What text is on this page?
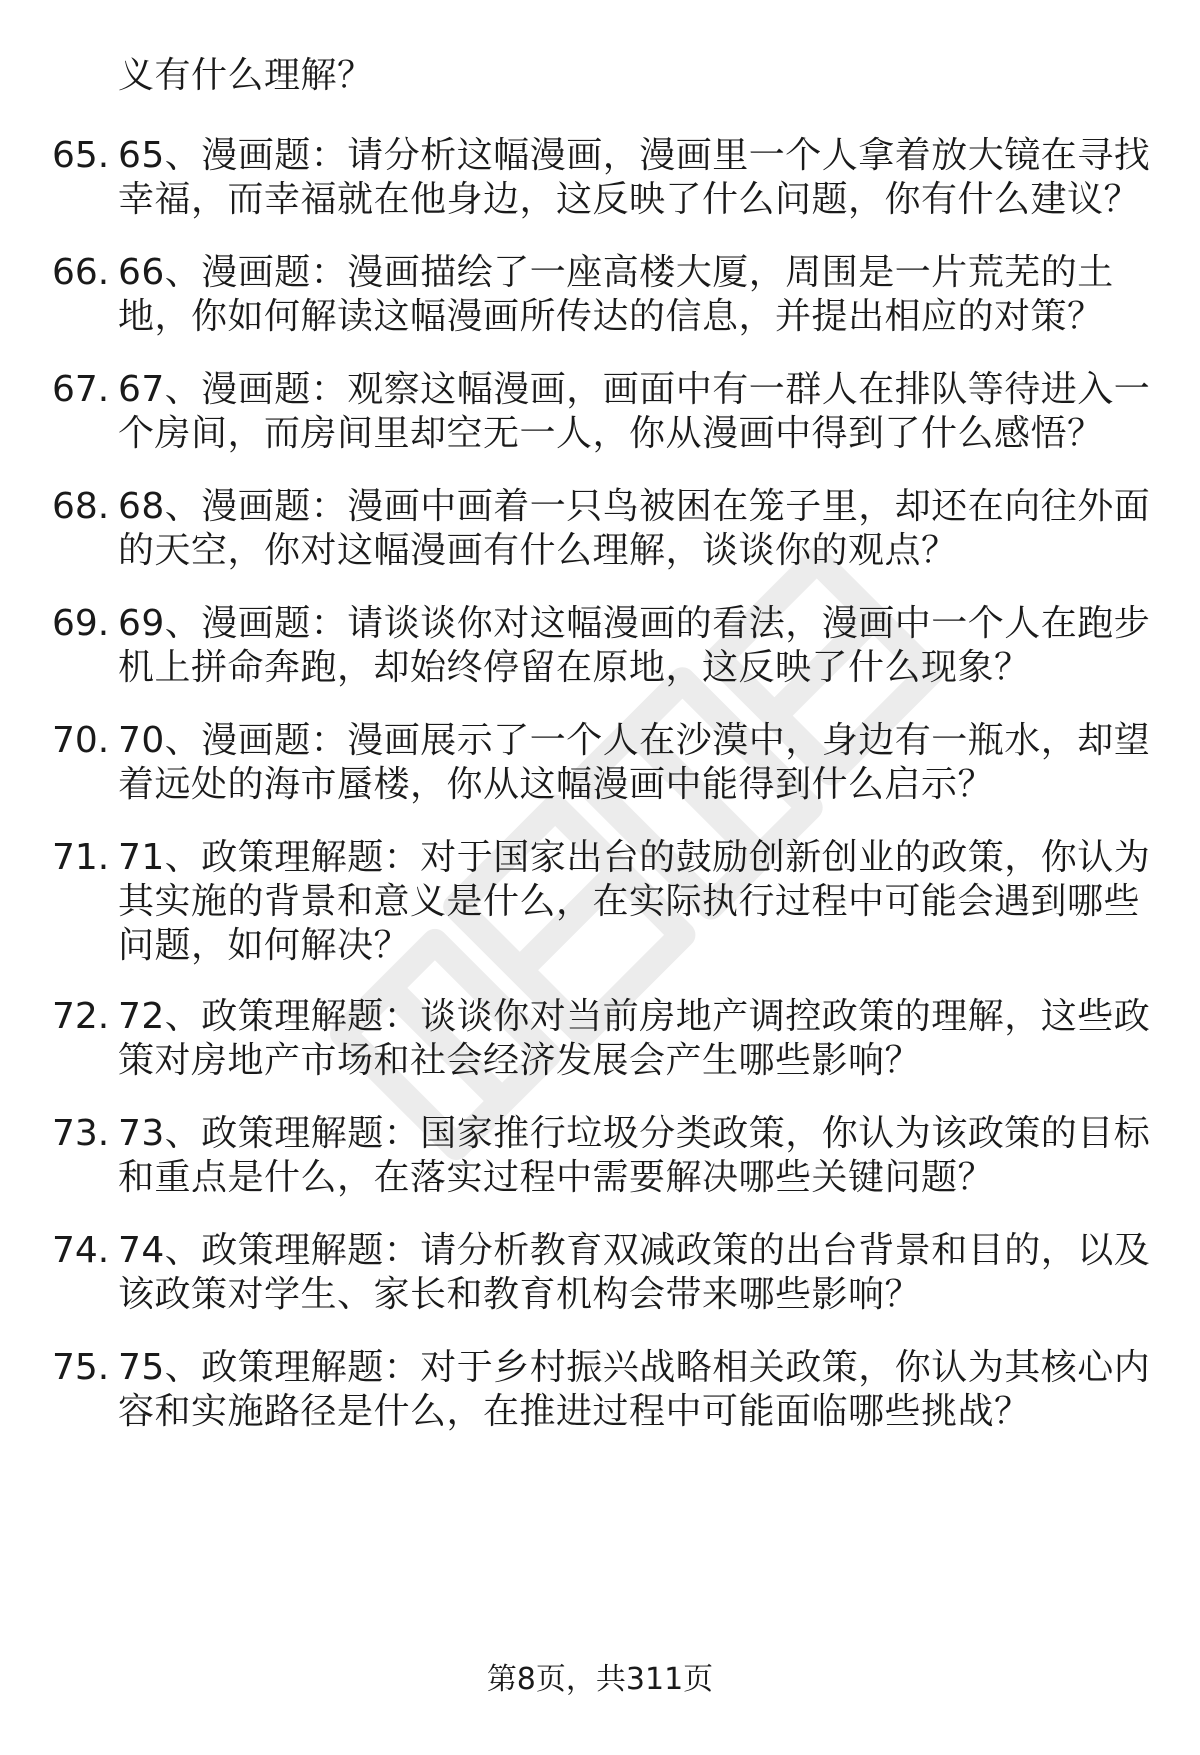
义有什么理解？
65. 65、漫画题：请分析这幅漫画，漫画里一个人拿着放大镜在寻找
幸福，而幸福就在他身边，这反映了什么问题，你有什么建议？
66. 66、漫画题：漫画描绘了一座高楼大厦，周围是一片荒芜的土
地，你如何解读这幅漫画所传达的信息，并提出相应的对策？
67. 67、漫画题：观察这幅漫画，画面中有一群人在排队等待进入一
个房间，而房间里却空无一人，你从漫画中得到了什么感悟？
68. 68、漫画题：漫画中画着一只鸟被困在笼子里，却还在向往外面
的天空，你对这幅漫画有什么理解，谈谈你的观点？
69. 69、漫画题：请谈谈你对这幅漫画的看法，漫画中一个人在跑步
机上拼命奔跑，却始终停留在原地，这反映了什么现象？
70. 70、漫画题：漫画展示了一个人在沙漠中，身边有一瓶水，却望
着远处的海市蜃楼，你从这幅漫画中能得到什么启示？
71. 71、政策理解题：对于国家出台的鼓励创新创业的政策，你认为
其实施的背景和意义是什么，在实际执行过程中可能会遇到哪些
问题，如何解决？
72. 72、政策理解题：谈谈你对当前房地产调控政策的理解，这些政
策对房地产市场和社会经济发展会产生哪些影响？
73. 73、政策理解题：国家推行垃圾分类政策，你认为该政策的目标
和重点是什么，在落实过程中需要解决哪些关键问题？
74. 74、政策理解题：请分析教育双减政策的出台背景和目的，以及
该政策对学生、家长和教育机构会带来哪些影响？
75. 75、政策理解题：对于乡村振兴战略相关政策，你认为其核心内
容和实施路径是什么，在推进过程中可能面临哪些挑战？
第8页，共311页
